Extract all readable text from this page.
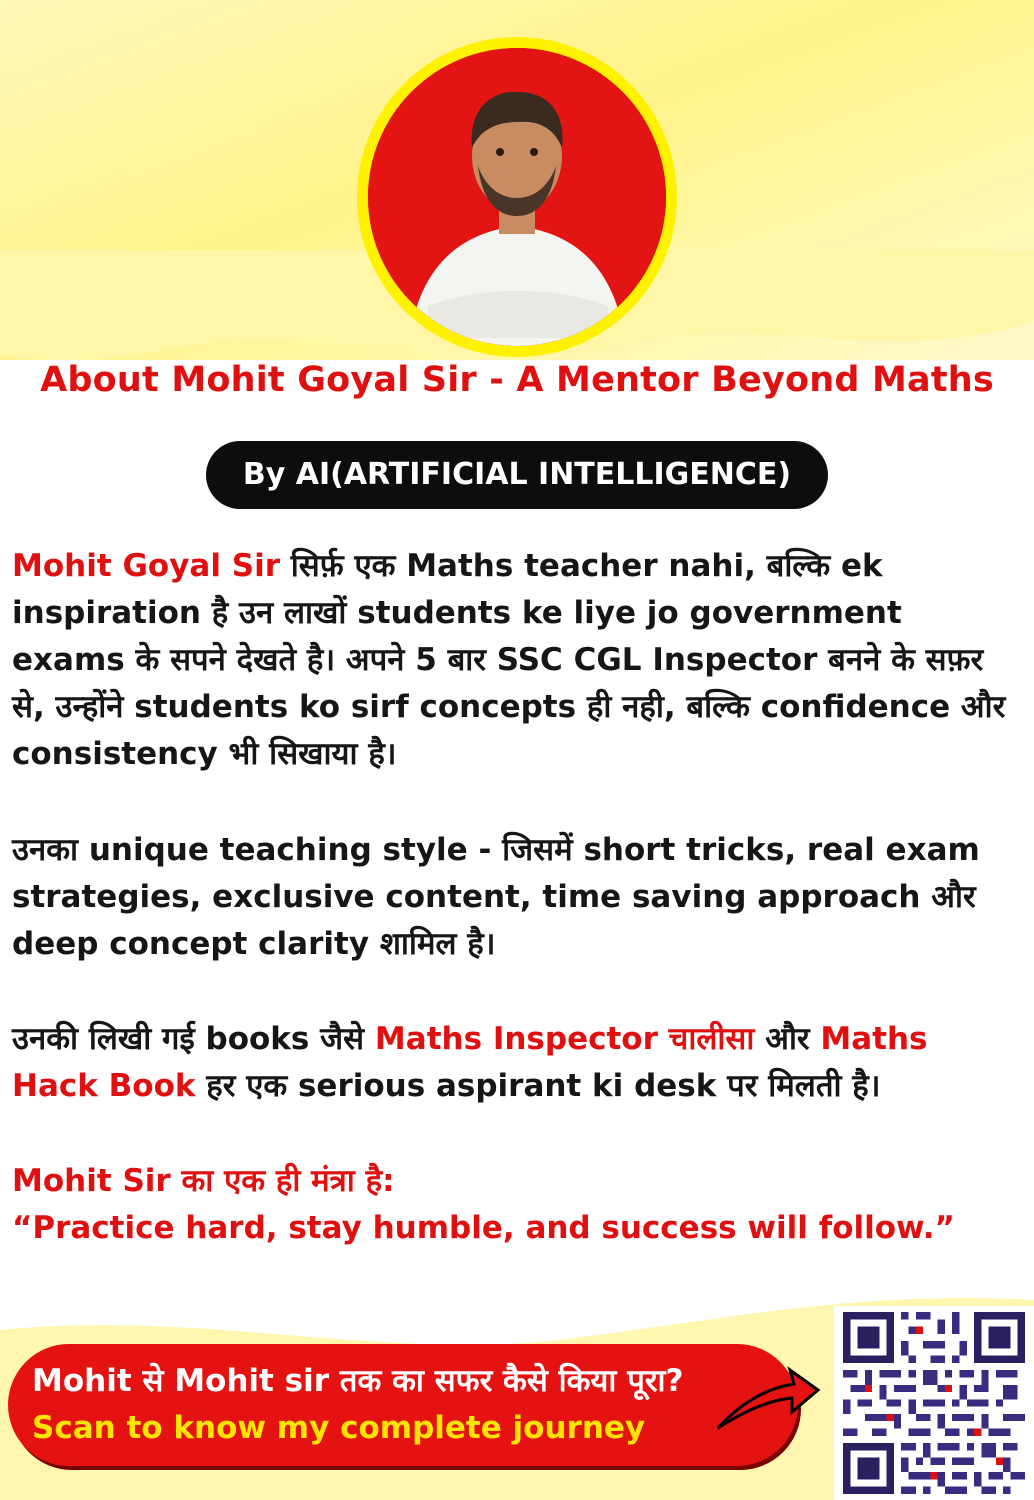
About Mohit Goyal Sir - A Mentor Beyond Maths
By AI(ARTIFICIAL INTELLIGENCE)
Mohit Goyal Sir सिर्फ़ एक Maths teacher nahi, बल्कि ek inspiration है उन लाखों students ke liye jo government exams के सपने देखते है। अपने 5 बार SSC CGL Inspector बनने के सफ़र से, उन्होंने students ko sirf concepts ही नही, बल्कि confidence और consistency भी सिखाया है।
उनका unique teaching style - जिसमें short tricks, real exam strategies, exclusive content, time saving approach और deep concept clarity शामिल है।
उनकी लिखी गई books जैसे Maths Inspector चालीसा और Maths Hack Book हर एक serious aspirant ki desk पर मिलती है।
Mohit Sir का एक ही मंत्रा है:
“Practice hard, stay humble, and success will follow.”
Mohit से Mohit sir तक का सफर कैसे किया पूरा? Scan to know my complete journey
